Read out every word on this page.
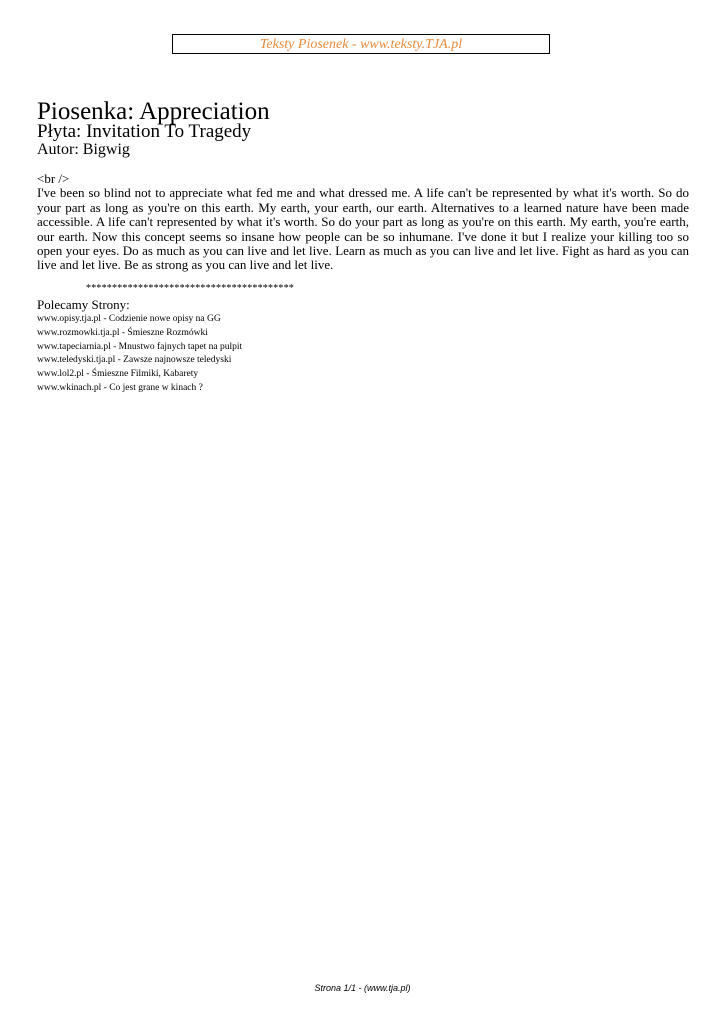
Teksty Piosenek - www.teksty.TJA.pl
Piosenka: Appreciation
Płyta: Invitation To Tragedy
Autor: Bigwig
<br />
I've been so blind not to appreciate what fed me and what dressed me. A life can't be represented by what it's worth. So do your part as long as you're on this earth. My earth, your earth, our earth. Alternatives to a learned nature have been made accessible. A life can't represented by what it's worth. So do your part as long as you're on this earth. My earth, you're earth, our earth. Now this concept seems so insane how people can be so inhumane. I've done it but I realize your killing too so open your eyes. Do as much as you can live and let live. Learn as much as you can live and let live. Fight as hard as you can live and let live. Be as strong as you can live and let live.
****************************************
Polecamy Strony:
www.opisy.tja.pl - Codzienie nowe opisy na GG
www.rozmowki.tja.pl - Śmieszne Rozmówki
www.tapeciarnia.pl - Mnustwo fajnych tapet na pulpit
www.teledyski.tja.pl - Zawsze najnowsze teledyski
www.lol2.pl - Śmieszne Filmiki, Kabarety
www.wkinach.pl - Co jest grane w kinach ?
Strona 1/1 - (www.tja.pl)
